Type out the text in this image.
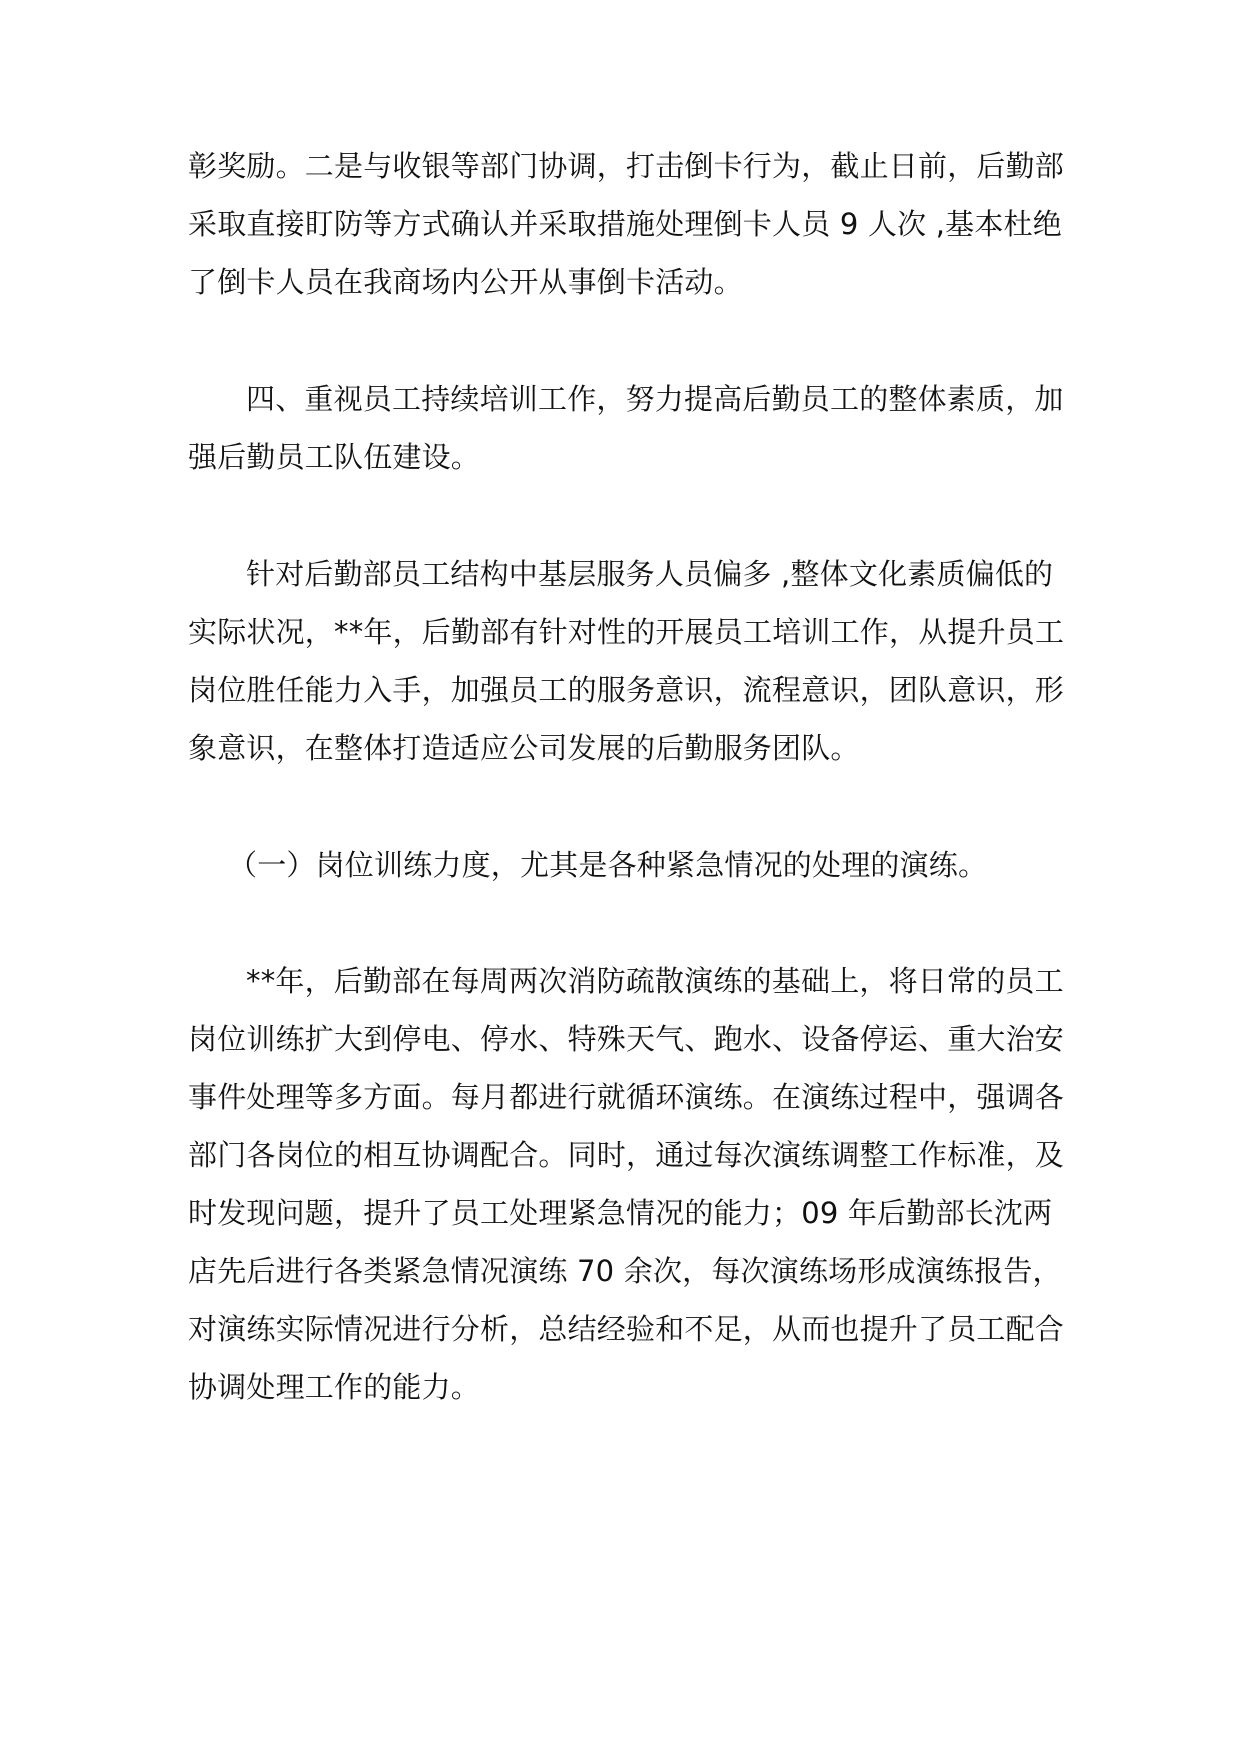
彰奖励。二是与收银等部门协调，打击倒卡行为，截止日前，后勤部
采取直接盯防等方式确认并采取措施处理倒卡人员 9 人次 ,基本杜绝
了倒卡人员在我商场内公开从事倒卡活动。
四、重视员工持续培训工作，努力提高后勤员工的整体素质，加
强后勤员工队伍建设。
针对后勤部员工结构中基层服务人员偏多 ,整体文化素质偏低的
实际状况，**年，后勤部有针对性的开展员工培训工作，从提升员工
岗位胜任能力入手，加强员工的服务意识，流程意识，团队意识，形
象意识，在整体打造适应公司发展的后勤服务团队。
（一）岗位训练力度，尤其是各种紧急情况的处理的演练。
**年，后勤部在每周两次消防疏散演练的基础上，将日常的员工
岗位训练扩大到停电、停水、特殊天气、跑水、设备停运、重大治安
事件处理等多方面。每月都进行就循环演练。在演练过程中，强调各
部门各岗位的相互协调配合。同时，通过每次演练调整工作标准，及
时发现问题，提升了员工处理紧急情况的能力；09 年后勤部长沈两
店先后进行各类紧急情况演练 70 余次，每次演练场形成演练报告，
对演练实际情况进行分析，总结经验和不足，从而也提升了员工配合
协调处理工作的能力。
